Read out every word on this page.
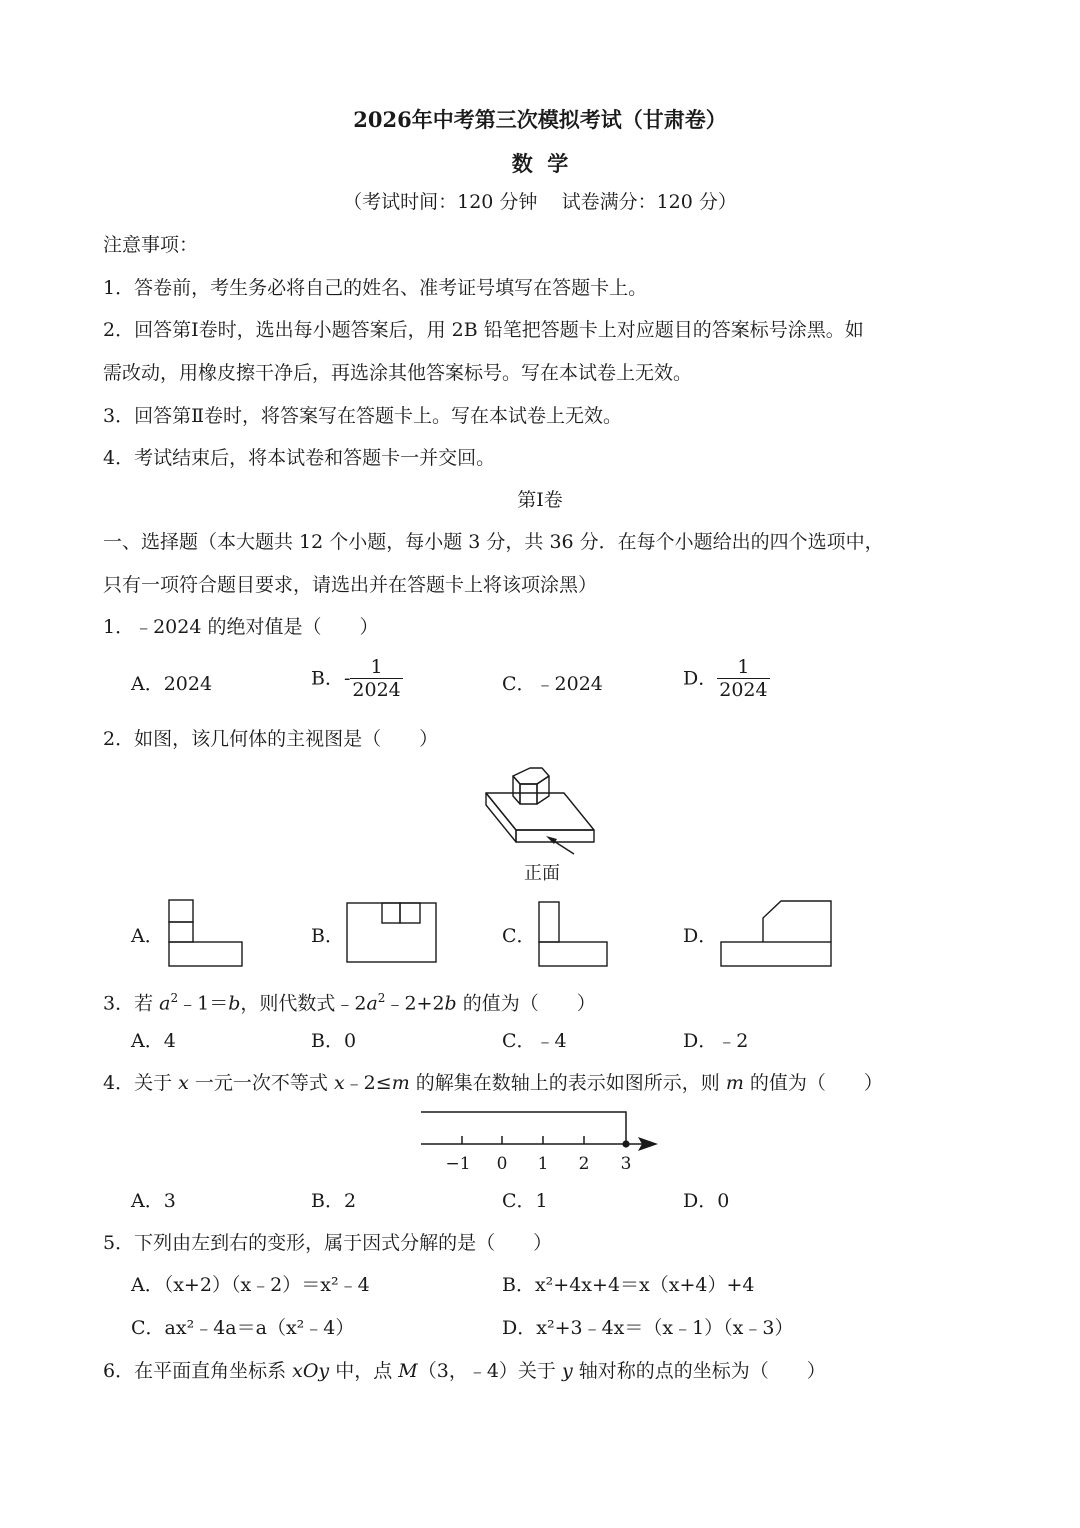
2026年中考第三次模拟考试（甘肃卷）
数  学
（考试时间：120 分钟    试卷满分：120 分）
注意事项：
1．答卷前，考生务必将自己的姓名、准考证号填写在答题卡上。
2．回答第Ⅰ卷时，选出每小题答案后，用 2B 铅笔把答题卡上对应题目的答案标号涂黑。如
需改动，用橡皮擦干净后，再选涂其他答案标号。写在本试卷上无效。
3．回答第Ⅱ卷时，将答案写在答题卡上。写在本试卷上无效。
4．考试结束后，将本试卷和答题卡一并交回。
第Ⅰ卷
一、选择题（本大题共 12 个小题，每小题 3 分，共 36 分．在每个小题给出的四个选项中，
只有一项符合题目要求，请选出并在答题卡上将该项涂黑）
1．﹣2024 的绝对值是（　　）
A．2024	B．- $\frac{1}{2024}$	C．﹣2024	D． $\frac{1}{2024}$
2．如图，该几何体的主视图是（　　）
正面
A．	B．	C．	D．
3．若 $a^2﹣1=b$，则代数式$﹣2a^2﹣2+2b$ 的值为（　　）
A．4	B．0	C．﹣4	D．﹣2
4．关于 x 一元一次不等式 x﹣2≤m 的解集在数轴上的表示如图所示，则 m 的值为（　　）
−1 0 1 2 3
A．3	B．2	C．1	D．0
5．下列由左到右的变形，属于因式分解的是（　　）
A．（x+2）（x﹣2）＝x²﹣4	B．x²+4x+4＝x（x+4）+4
C．ax²﹣4a＝a（x²﹣4）	D．x²+3﹣4x＝（x﹣1）（x﹣3）
6．在平面直角坐标系 xOy 中，点 M（3，﹣4）关于 y 轴对称的点的坐标为（　　）
